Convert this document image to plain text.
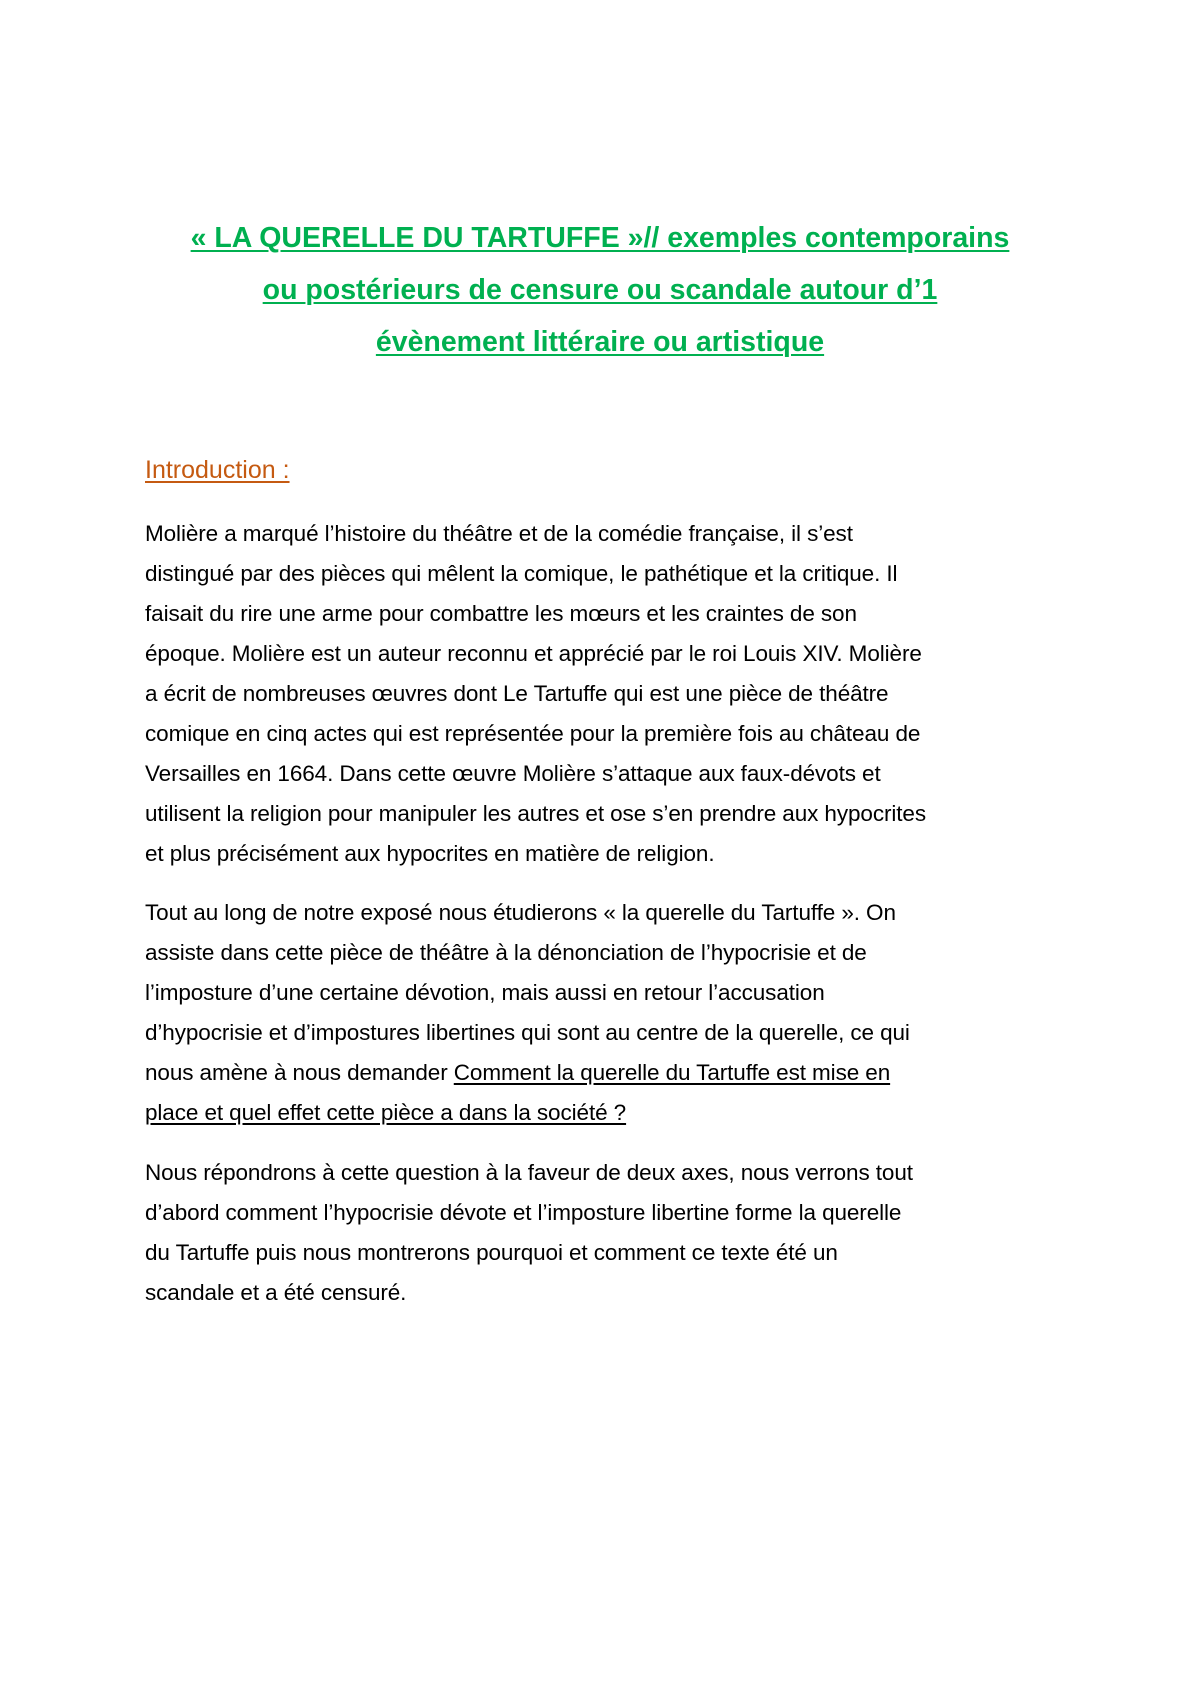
« LA QUERELLE DU TARTUFFE »// exemples contemporains
ou postérieurs de censure ou scandale autour d’1
évènement littéraire ou artistique
Introduction :

Molière a marqué l’histoire du théâtre et de la comédie française, il s’est
distingué par des pièces qui mêlent la comique, le pathétique et la critique. Il
faisait du rire une arme pour combattre les mœurs et les craintes de son
époque. Molière est un auteur reconnu et apprécié par le roi Louis XIV. Molière
a écrit de nombreuses œuvres dont Le Tartuffe qui est une pièce de théâtre
comique en cinq actes qui est représentée pour la première fois au château de
Versailles en 1664. Dans cette œuvre Molière s’attaque aux faux-dévots et
utilisent la religion pour manipuler les autres et ose s’en prendre aux hypocrites
et plus précisément aux hypocrites en matière de religion.

Tout au long de notre exposé nous étudierons « la querelle du Tartuffe ». On
assiste dans cette pièce de théâtre à la dénonciation de l’hypocrisie et de
l’imposture d’une certaine dévotion, mais aussi en retour l’accusation
d’hypocrisie et d’impostures libertines qui sont au centre de la querelle, ce qui
nous amène à nous demander Comment la querelle du Tartuffe est mise en
place et quel effet cette pièce a dans la société ?

Nous répondrons à cette question à la faveur de deux axes, nous verrons tout
d’abord comment l’hypocrisie dévote et l’imposture libertine forme la querelle
du Tartuffe puis nous montrerons pourquoi et comment ce texte été un
scandale et a été censuré.
